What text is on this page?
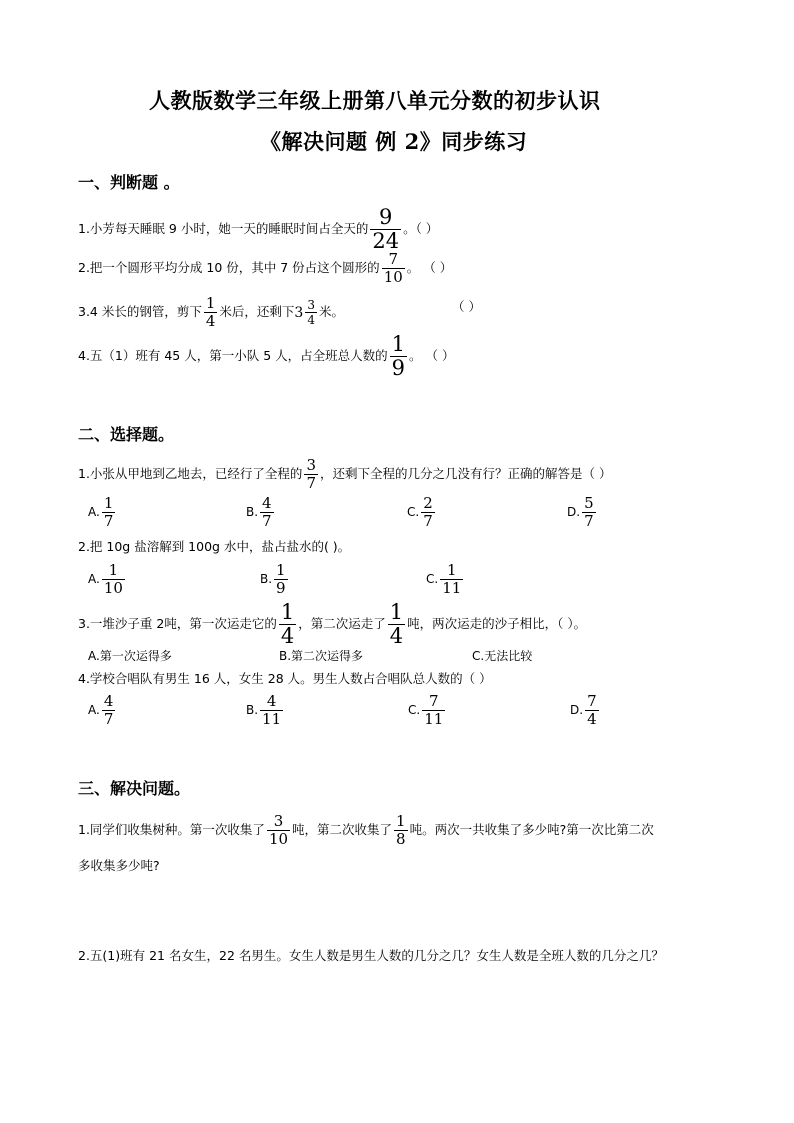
人教版数学三年级上册第八单元分数的初步认识
《解决问题 例 2》同步练习
一、判断题 。
1.小芳每天睡眠 9 小时，她一天的睡眠时间占全天的 $\frac{9}{24}$ 。（ ）
2.把一个圆形平均分成 10 份，其中 7 份占这个圆形的 $\frac{7}{10}$ 。 （ ）
3.4 米长的钢管，剪下 $\frac{1}{4}$ 米后，还剩下 $3 \frac{3}{4}$ 米。	（ ）
4.五（1）班有 45 人，第一小队 5 人，占全班总人数的 $\frac{1}{9}$ 。 （ ）
二、选择题。
1.小张从甲地到乙地去，已经行了全程的 $\frac{3}{7}$ ，还剩下全程的几分之几没有行？正确的解答是（ ）
A. $\frac{1}{7}$	B. $\frac{4}{7}$	C. $\frac{2}{7}$	D. $\frac{5}{7}$
2.把 10g 盐溶解到 100g 水中，盐占盐水的( )。
A. $\frac{1}{10}$	B. $\frac{1}{9}$	C. $\frac{1}{11}$
3.一堆沙子重 2吨，第一次运走它的 $\frac{1}{4}$ ，第二次运走了 $\frac{1}{4}$ 吨，两次运走的沙子相比，（ ）。
A.第一次运得多	B.第二次运得多	C.无法比较
4.学校合唱队有男生 16 人，女生 28 人。男生人数占合唱队总人数的（ ）
A. $\frac{4}{7}$	B. $\frac{4}{11}$	C. $\frac{7}{11}$	D. $\frac{7}{4}$
三、解决问题。
1.同学们收集树种。第一次收集了 $\frac{3}{10}$ 吨，第二次收集了 $\frac{1}{8}$ 吨。两次一共收集了多少吨?第一次比第二次
多收集多少吨?
2.五(1)班有 21 名女生，22 名男生。女生人数是男生人数的几分之几？女生人数是全班人数的几分之几？
